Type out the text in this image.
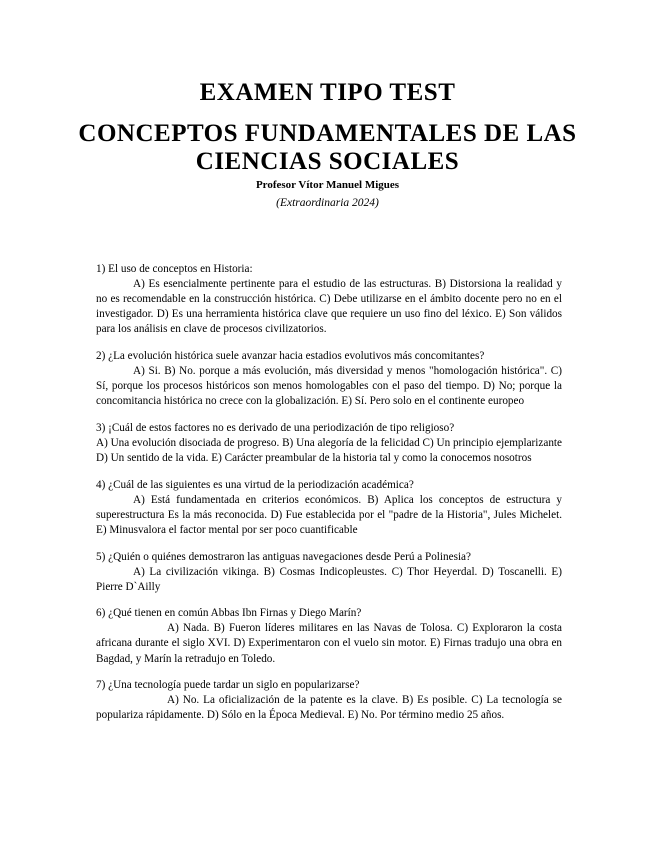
EXAMEN TIPO TEST
CONCEPTOS FUNDAMENTALES DE LAS CIENCIAS SOCIALES
Profesor Vítor Manuel Migues
(Extraordinaria 2024)
1) El uso de conceptos en Historia:
A) Es esencialmente pertinente para el estudio de las estructuras. B) Distorsiona la realidad y no es recomendable en la construcción histórica. C) Debe utilizarse en el ámbito docente pero no en el investigador. D) Es una herramienta histórica clave que requiere un uso fino del léxico. E) Son válidos para los análisis en clave de procesos civilizatorios.
2) ¿La evolución histórica suele avanzar hacia estadios evolutivos más concomitantes?
A) Si. B) No. porque a más evolución, más diversidad y menos "homologación histórica". C) Sí, porque los procesos históricos son menos homologables con el paso del tiempo. D) No; porque la concomitancia histórica no crece con la globalización. E) Sí. Pero solo en el continente europeo
3) ¡Cuál de estos factores no es derivado de una periodización de tipo religioso?
A) Una evolución disociada de progreso. B) Una alegoría de la felicidad C) Un principio ejemplarizante D) Un sentido de la vida. E) Carácter preambular de la historia tal y como la conocemos nosotros
4) ¿Cuál de las siguientes es una virtud de la periodización académica?
A) Está fundamentada en criterios económicos. B) Aplica los conceptos de estructura y superestructura Es la más reconocida. D) Fue establecida por el "padre de la Historia", Jules Michelet. E) Minusvalora el factor mental por ser poco cuantificable
5) ¿Quién o quiénes demostraron las antiguas navegaciones desde Perú a Polinesia?
A) La civilización vikinga. B) Cosmas Indicopleustes. C) Thor Heyerdal. D) Toscanelli. E) Pierre D`Ailly
6) ¿Qué tienen en común Abbas Ibn Firnas y Diego Marín?
A) Nada. B) Fueron líderes militares en las Navas de Tolosa. C) Exploraron la costa africana durante el siglo XVI. D) Experimentaron con el vuelo sin motor. E) Firnas tradujo una obra en Bagdad, y Marín la retradujo en Toledo.
7) ¿Una tecnología puede tardar un siglo en popularizarse?
A) No. La oficialización de la patente es la clave. B) Es posible. C) La tecnología se populariza rápidamente. D) Sólo en la Época Medieval. E) No. Por término medio 25 años.
